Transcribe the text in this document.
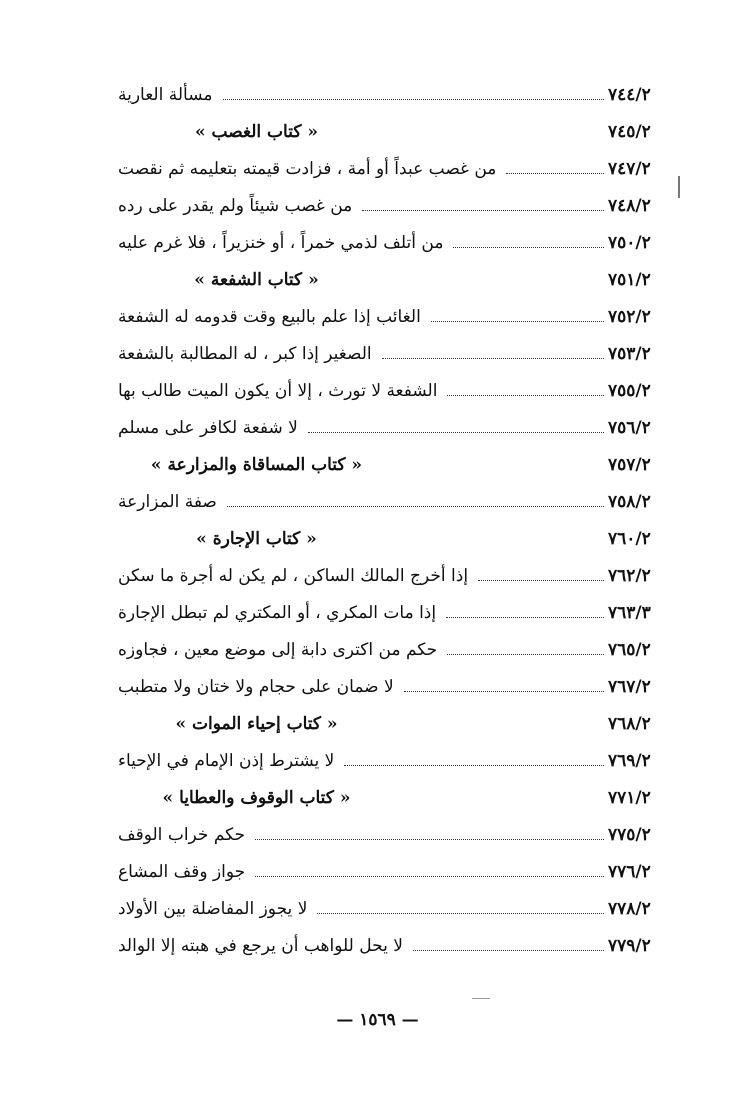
مسألة العارية	٧٤٤/٢
« كتاب الغصب »	٧٤٥/٢
من غصب عبداً أو أمة ، فزادت قيمته بتعليمه ثم نقصت	٧٤٧/٢
من غصب شيئاً ولم يقدر على رده	٧٤٨/٢
من أتلف لذمي خمراً ، أو خنزيراً ، فلا غرم عليه	٧٥٠/٢
« كتاب الشفعة »	٧٥١/٢
الغائب إذا علم بالبيع وقت قدومه له الشفعة	٧٥٢/٢
الصغير إذا كبر ، له المطالبة بالشفعة	٧٥٣/٢
الشفعة لا تورث ، إلا أن يكون الميت طالب بها	٧٥٥/٢
لا شفعة لكافر على مسلم	٧٥٦/٢
« كتاب المساقاة والمزارعة »	٧٥٧/٢
صفة المزارعة	٧٥٨/٢
« كتاب الإجارة »	٧٦٠/٢
إذا أخرج المالك الساكن ، لم يكن له أجرة ما سكن	٧٦٢/٢
إذا مات المكري ، أو المكتري لم تبطل الإجارة	٧٦٣/٣
حكم من اكترى دابة إلى موضع معين ، فجاوزه	٧٦٥/٢
لا ضمان على حجام ولا ختان ولا متطبب	٧٦٧/٢
« كتاب إحياء الموات »	٧٦٨/٢
لا يشترط إذن الإمام في الإحياء	٧٦٩/٢
« كتاب الوقوف والعطايا »	٧٧١/٢
حكم خراب الوقف	٧٧٥/٢
جواز وقف المشاع	٧٧٦/٢
لا يجوز المفاضلة بين الأولاد	٧٧٨/٢
لا يحل للواهب أن يرجع في هبته إلا الوالد	٧٧٩/٢
— ١٥٦٩ —
